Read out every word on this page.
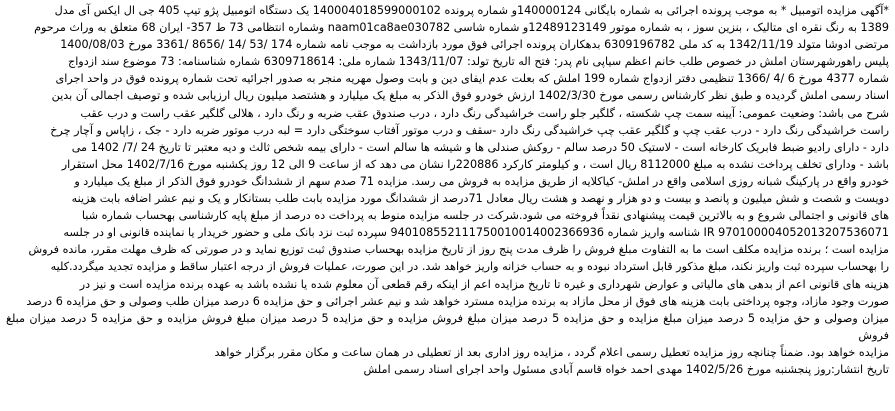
*آگهی مزایده اتومبیل * به موجب پرونده اجرائی به شماره بایگانی 140000124و شماره پرونده 140004018599000102 یک دستگاه اتومبیل پژو تیپ 405 جی ال ایکس آی مدل

1389 به رنگ نقره ای متالیک ، بنزین سوز ، به شماره موتور 12489123149و شماره شاسی naam01ca8ae030782 وشماره انتظامی 73 ط 357- ایران 68 متعلق به وراث مرحوم

مرتضی ادوشا متولد 1342/11/19 به کد ملی 6309196782 بدهکاران پرونده اجرائی فوق مورد بازداشت به موجب نامه شماره 174 /53 /14 /8656 /3361 مورخ 1400/08/03

پلیس راهورشهرستان املش در خصوص طلب خانم اعظم سیاپی نام پدر: فتح اله تاریخ تولد: 1343/11/07 شماره ملی: 6309718614 شماره شناسنامه: 73 موضوع سند ازدواج

شماره 4377 مورخ 6 /4 /1366 تنظیمی دفتر ازدواج شماره 199 املش که بعلت عدم ایفای دین و بابت وصول مهریه منجر به صدور اجرائیه تحت شماره پرونده فوق در واحد اجرای

اسناد رسمی املش گردیده و طبق نظر کارشناس رسمی مورخ 1402/3/30 ارزش خودرو فوق الذکر به مبلغ یک میلیارد و هشتصد میلیون ریال ارزیابی شده و توصیف اجمالی آن بدین

شرح می باشد: وضعیت عمومی: آیینه سمت چپ شکسته ، گلگیر جلو راست خراشیدگی رنگ دارد ، درب صندوق عقب ضربه و رنگ دارد ، هلالی گلگیر عقب راست و درب عقب

راست خراشیدگی رنگ دارد - درب عقب چپ و گلگیر عقب چپ خراشیدگی رنگ دارد -سقف و درب موتور آفتاب سوختگی دارد = لبه درب موتور ضربه دارد - جک ، زاپاس و آچار چرخ

دارد - دارای رادیو ضبط فابریک کارخانه است - لاستیک 50 درصد سالم - روکش صندلی ها و شیشه ها سالم است - دارای بیمه شخص ثالث و دیه معتبر تا تاریخ 24 /7/ 1402 می

باشد - ودارای تخلف پرداخت نشده به مبلغ 8112000 ریال است ، و کیلومتر کارکرد 220886را نشان می دهد که از ساعت 9 الی 12 روز یکشنبه مورخ 1402/7/16 محل استقرار

خودرو واقع در پارکینگ شبانه روزی اسلامی واقع در املش- کیاکلایه از طریق مزایده به فروش می رسد. مزایده 71 صدم سهم از ششدانگ خودرو فوق الذکر از مبلغ یک میلیارد و

دویست و شصت و شش میلیون و پانصد و بیست و دو هزار و نهصد و هشت ریال معادل 71درصد از ششدانگ مورد مزایده بابت طلب بستانکار و یک و نیم عشر اضافه بابت هزینه

های قانونی و اجتمالی شروع و به بالاترین قیمت پیشنهادی نقداً فروخته می شود.شرکت در جلسه مزایده منوط به پرداخت ده درصد از مبلغ پایه کارشناسی بهحساب شماره شبا

IR 970100004052013207536071 شناسه واریز شماره 940108552111750010014002366936 سپرده ثبت نزد بانک ملی و حضور خریدار یا نماینده قانونی او در جلسه

مزایده است ؛ برنده مزایده مکلف است ما به التفاوت مبلغ فروش را ظرف مدت پنج روز از تاریخ مزایده بهحساب صندوق ثبت توزیع نماید و در صورتی که ظرف مهلت مقرر، مانده فروش

را بهحساب سپرده ثبت واریز نکند، مبلغ مذکور قابل استرداد نبوده و به حساب خزانه واریز خواهد شد. در این صورت، عملیات فروش از درجه اعتبار ساقط و مزایده تجدید میگردد.کلیه

هزینه های قانونی اعم از بدهی های مالیاتی و عوارض شهرداری و غیره تا تاریخ مزایده اعم از اینکه رقم قطعی آن معلوم شده یا نشده باشد به عهده برنده مزایده است و نیز در

صورت وجود مازاد، وجوه پرداختی بابت هزینه های فوق از محل مازاد به برنده مزایده مسترد خواهد شد و نیم عشر اجرائی و حق مزایده 6 درصد میزان طلب وصولی و حق مزایده 6 درصد

میزان وصولی و حق مزایده 5 درصد میزان مبلغ مزایده و حق مزایده 5 درصد میزان مبلغ فروش مزایده و حق مزایده 5 درصد میزان مبلغ فروش مزایده و حق مزایده 5 درصد میزان مبلغ فروش

مزایده خواهد بود. ضمناً چنانچه روز مزایده تعطیل رسمی اعلام گردد ، مزایده روز اداری بعد از تعطیلی در همان ساعت و مکان مقرر برگزار خواهد

تاریخ انتشار:روز پنجشنبه مورخ 1402/5/26 مهدی احمد خواه قاسم آبادی مسئول واحد اجرای اسناد رسمی املش
